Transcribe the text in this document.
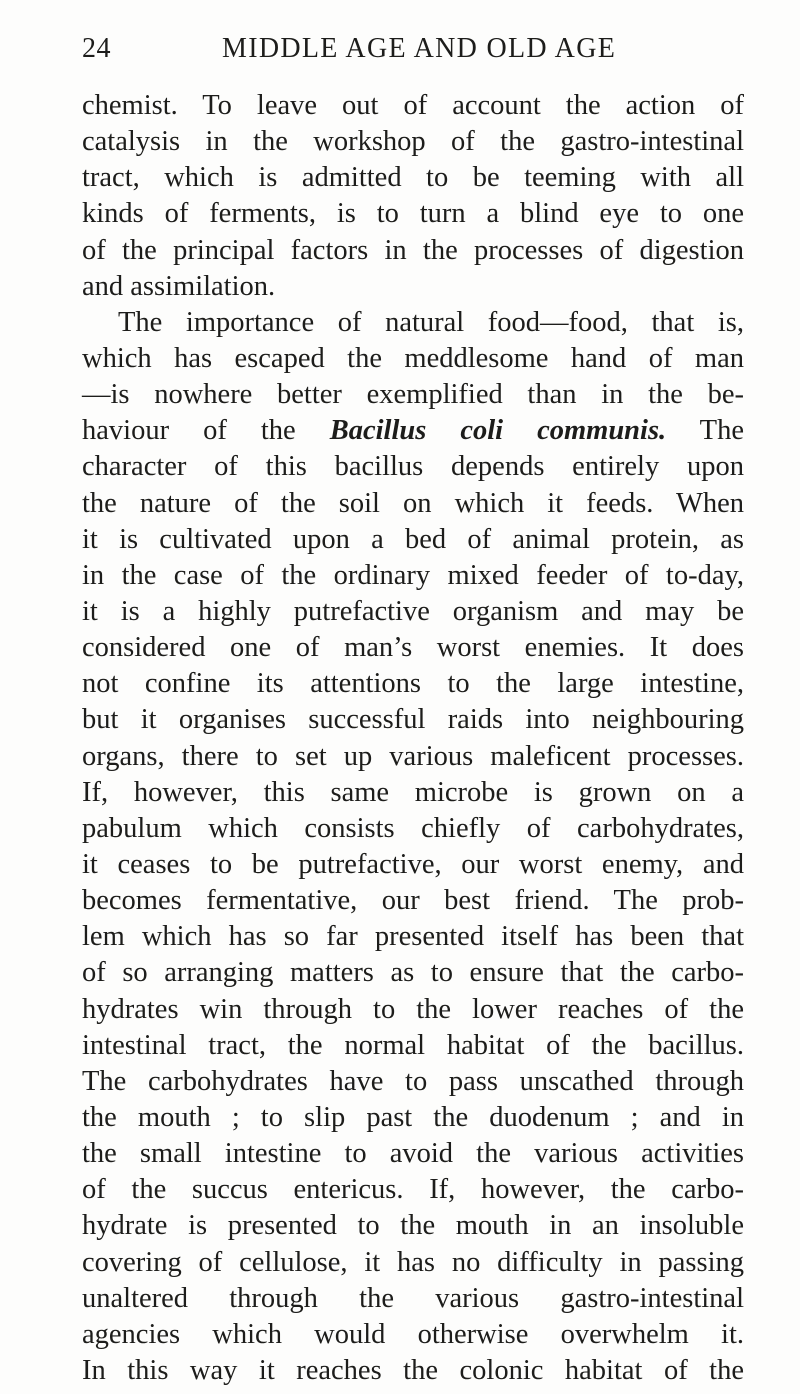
24	MIDDLE AGE AND OLD AGE
chemist. To leave out of account the action of
catalysis in the workshop of the gastro-intestinal
tract, which is admitted to be teeming with all
kinds of ferments, is to turn a blind eye to one
of the principal factors in the processes of digestion
and assimilation.
The importance of natural food—food, that is,
which has escaped the meddlesome hand of man
—is nowhere better exemplified than in the be-
haviour of the Bacillus coli communis. The
character of this bacillus depends entirely upon
the nature of the soil on which it feeds. When
it is cultivated upon a bed of animal protein, as
in the case of the ordinary mixed feeder of to-day,
it is a highly putrefactive organism and may be
considered one of man’s worst enemies. It does
not confine its attentions to the large intestine,
but it organises successful raids into neighbouring
organs, there to set up various maleficent processes.
If, however, this same microbe is grown on a
pabulum which consists chiefly of carbohydrates,
it ceases to be putrefactive, our worst enemy, and
becomes fermentative, our best friend. The prob-
lem which has so far presented itself has been that
of so arranging matters as to ensure that the carbo-
hydrates win through to the lower reaches of the
intestinal tract, the normal habitat of the bacillus.
The carbohydrates have to pass unscathed through
the mouth ; to slip past the duodenum ; and in
the small intestine to avoid the various activities
of the succus entericus. If, however, the carbo-
hydrate is presented to the mouth in an insoluble
covering of cellulose, it has no difficulty in passing
unaltered through the various gastro-intestinal
agencies which would otherwise overwhelm it.
In this way it reaches the colonic habitat of the
